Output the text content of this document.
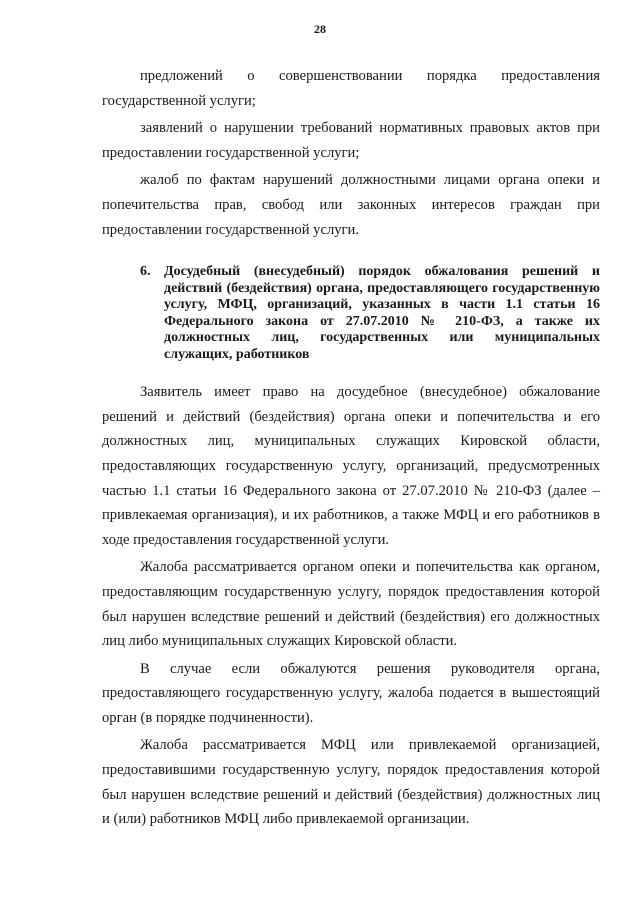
28

предложений о совершенствовании порядка предоставления государственной услуги;

заявлений о нарушении требований нормативных правовых актов при предоставлении государственной услуги;

жалоб по фактам нарушений должностными лицами органа опеки и попечительства прав, свобод или законных интересов граждан при предоставлении государственной услуги.

6. Досудебный (внесудебный) порядок обжалования решений и действий (бездействия) органа, предоставляющего государственную услугу, МФЦ, организаций, указанных в части 1.1 статьи 16 Федерального закона от 27.07.2010 № 210-ФЗ, а также их должностных лиц, государственных или муниципальных служащих, работников

Заявитель имеет право на досудебное (внесудебное) обжалование решений и действий (бездействия) органа опеки и попечительства и его должностных лиц, муниципальных служащих Кировской области, предоставляющих государственную услугу, организаций, предусмотренных частью 1.1 статьи 16 Федерального закона от 27.07.2010 № 210-ФЗ (далее – привлекаемая организация), и их работников, а также МФЦ и его работников в ходе предоставления государственной услуги.

Жалоба рассматривается органом опеки и попечительства как органом, предоставляющим государственную услугу, порядок предоставления которой был нарушен вследствие решений и действий (бездействия) его должностных лиц либо муниципальных служащих Кировской области.

В случае если обжалуются решения руководителя органа, предоставляющего государственную услугу, жалоба подается в вышестоящий орган (в порядке подчиненности).

Жалоба рассматривается МФЦ или привлекаемой организацией, предоставившими государственную услугу, порядок предоставления которой был нарушен вследствие решений и действий (бездействия) должностных лиц и (или) работников МФЦ либо привлекаемой организации.
